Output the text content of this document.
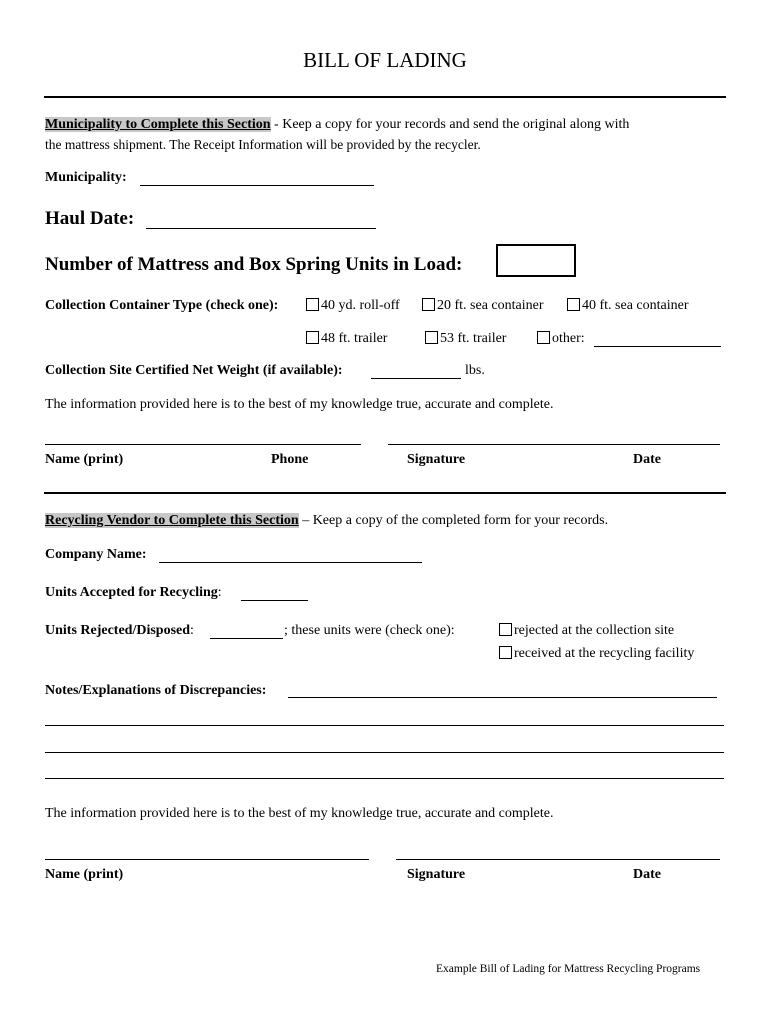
BILL OF LADING
Municipality to Complete this Section - Keep a copy for your records and send the original along with
the mattress shipment. The Receipt Information will be provided by the recycler.
Municipality:
Haul Date:
Number of Mattress and Box Spring Units in Load:
Collection Container Type (check one):	40 yd. roll-off	20 ft. sea container	40 ft. sea container
48 ft. trailer	53 ft. trailer	other:
Collection Site Certified Net Weight (if available):	lbs.
The information provided here is to the best of my knowledge true, accurate and complete.
Name (print)	Phone	Signature	Date
Recycling Vendor to Complete this Section – Keep a copy of the completed form for your records.
Company Name:
Units Accepted for Recycling:
Units Rejected/Disposed:	; these units were (check one):	rejected at the collection site
received at the recycling facility
Notes/Explanations of Discrepancies:
The information provided here is to the best of my knowledge true, accurate and complete.
Name (print)	Signature	Date
Example Bill of Lading for Mattress Recycling Programs
